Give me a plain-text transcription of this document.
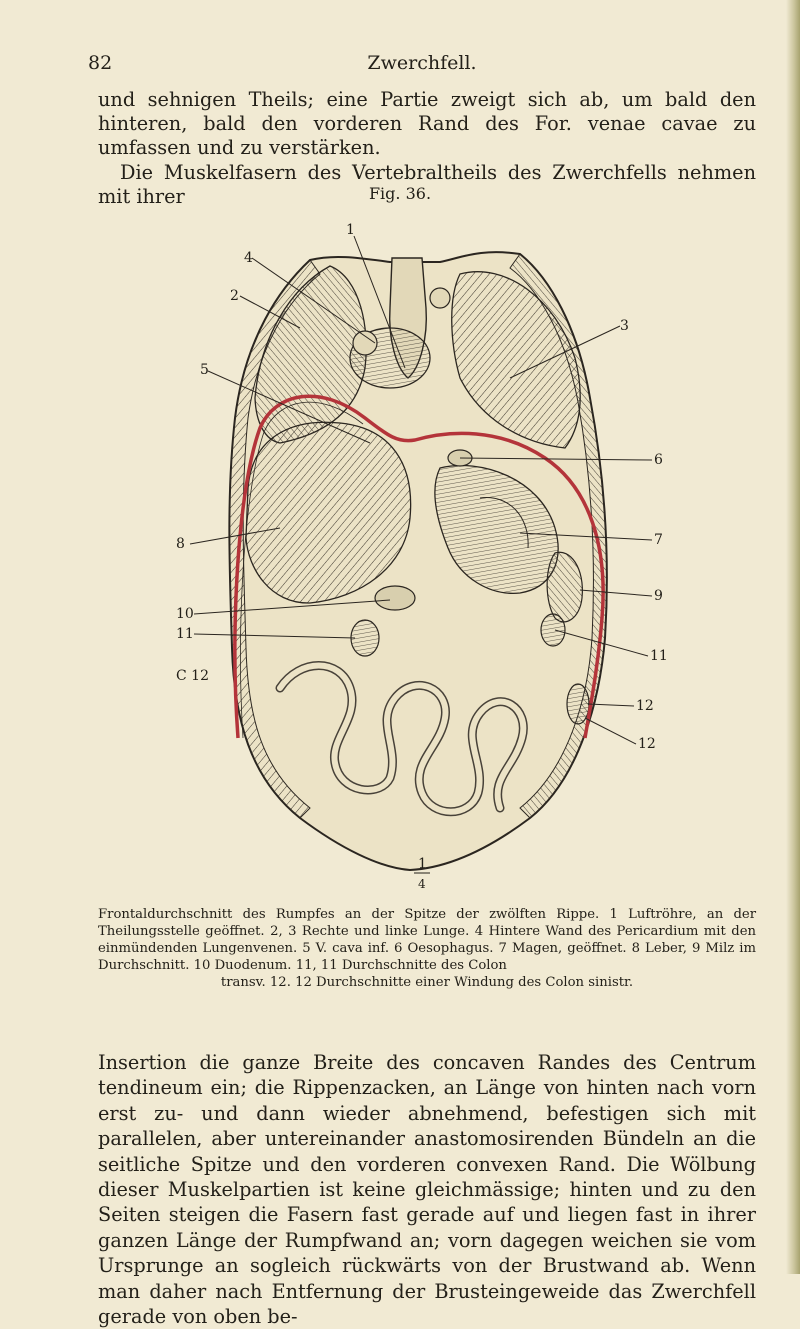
82	Zwerchfell.

und sehnigen Theils; eine Partie zweigt sich ab, um bald den hinteren, bald den vorderen Rand des For. venae cavae zu umfassen und zu verstärken.

Die Muskelfasern des Vertebraltheils des Zwerchfells nehmen mit ihrer	Fig. 36.
1
4
2
5
8
10
11
C 12
3
6
7
9
11
12
12
1
4

Frontaldurchschnitt des Rumpfes an der Spitze der zwölften Rippe. 1 Luftröhre, an der Theilungsstelle geöffnet. 2, 3 Rechte und linke Lunge. 4 Hintere Wand des Pericardium mit den einmündenden Lungenvenen. 5 V. cava inf. 6 Oesophagus. 7 Magen, geöffnet. 8 Leber, 9 Milz im Durchschnitt. 10 Duodenum. 11, 11 Durchschnitte des Colon
transv. 12. 12 Durchschnitte einer Windung des Colon sinistr.

Insertion die ganze Breite des concaven Randes des Centrum tendineum ein; die Rippenzacken, an Länge von hinten nach vorn erst zu- und dann wieder abnehmend, befestigen sich mit parallelen, aber untereinander anastomosirenden Bündeln an die seitliche Spitze und den vorderen convexen Rand. Die Wölbung dieser Muskelpartien ist keine gleichmässige; hinten und zu den Seiten steigen die Fasern fast gerade auf und liegen fast in ihrer ganzen Länge der Rumpfwand an; vorn dagegen weichen sie vom Ursprunge an sogleich rückwärts von der Brustwand ab. Wenn man daher nach Entfernung der Brusteingeweide das Zwerchfell gerade von oben be-
